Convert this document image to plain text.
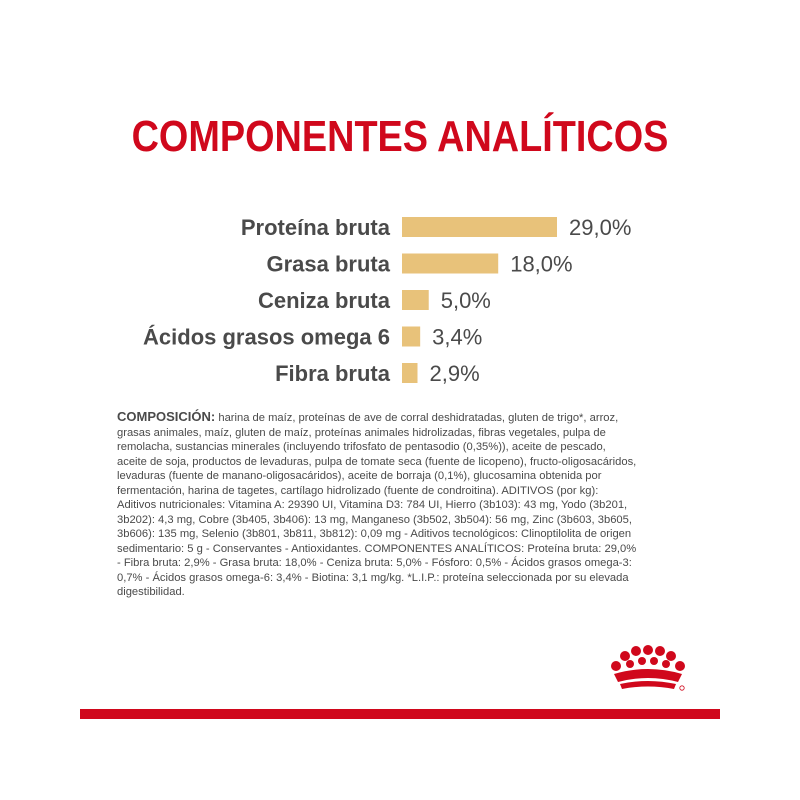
COMPONENTES ANALÍTICOS
Proteína bruta	29,0%
Grasa bruta	18,0%
Ceniza bruta 5,0%
Ácidos grasos omega 6 3,4%
Fibra bruta 2,9%
COMPOSICIÓN: harina de maíz, proteínas de ave de corral deshidratadas, gluten de trigo*, arroz, grasas animales, maíz, gluten de maíz, proteínas animales hidrolizadas, fibras vegetales, pulpa de remolacha, sustancias minerales (incluyendo trifosfato de pentasodio (0,35%)), aceite de pescado, aceite de soja, productos de levaduras, pulpa de tomate seca (fuente de licopeno), fructo-oligosacáridos, levaduras (fuente de manano-oligosacáridos), aceite de borraja (0,1%), glucosamina obtenida por fermentación, harina de tagetes, cartílago hidrolizado (fuente de condroitina). ADITIVOS (por kg): Aditivos nutricionales: Vitamina A: 29390 UI, Vitamina D3: 784 UI, Hierro (3b103): 43 mg, Yodo (3b201, 3b202): 4,3 mg, Cobre (3b405, 3b406): 13 mg, Manganeso (3b502, 3b504): 56 mg, Zinc (3b603, 3b605, 3b606): 135 mg, Selenio (3b801, 3b811, 3b812): 0,09 mg - Aditivos tecnológicos: Clinoptilolita de origen sedimentario: 5 g - Conservantes - Antioxidantes. COMPONENTES ANALÍTICOS: Proteína bruta: 29,0% - Fibra bruta: 2,9% - Grasa bruta: 18,0% - Ceniza bruta: 5,0% - Fósforo: 0,5% - Ácidos grasos omega-3: 0,7% - Ácidos grasos omega-6: 3,4% - Biotina: 3,1 mg/kg. *L.I.P.: proteína seleccionada por su elevada digestibilidad.
